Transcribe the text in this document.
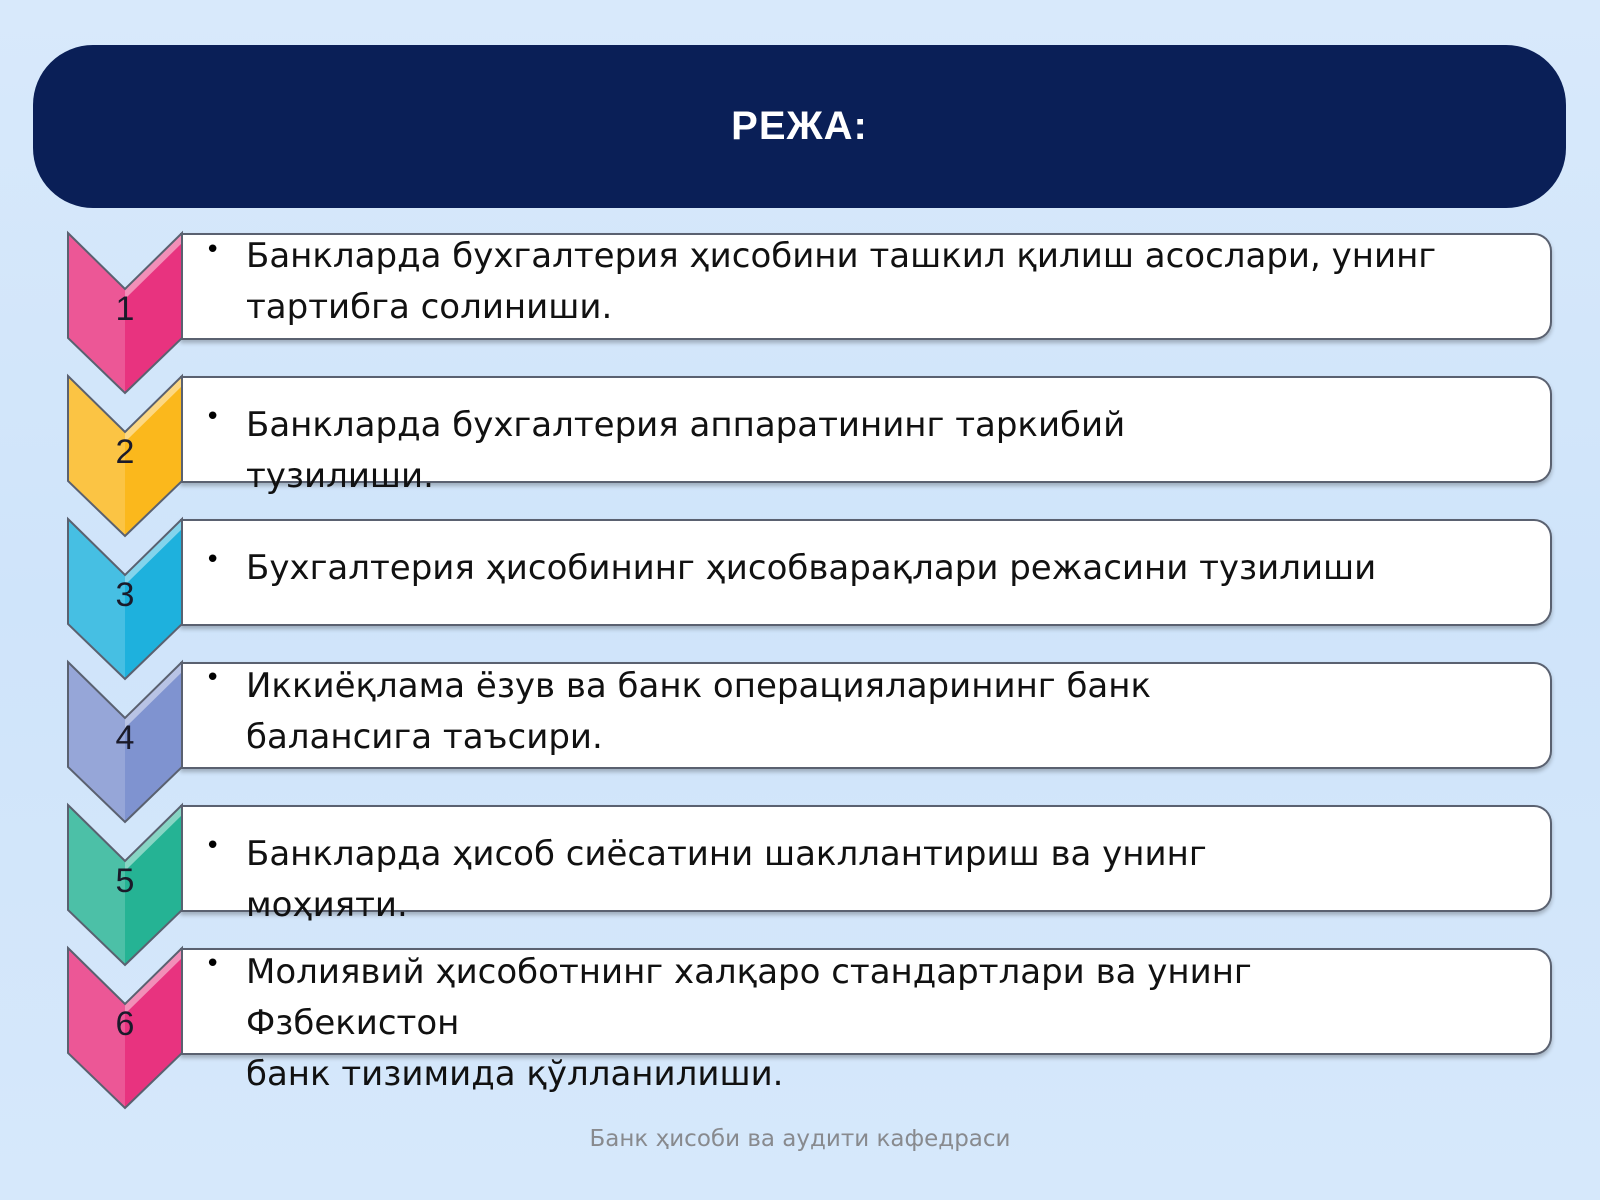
РЕЖА:
1
• Банкларда бухгалтерия ҳисобини ташкил қилиш асослари, унинг
тартибга солиниши.
2
• Банкларда бухгалтерия аппаратининг таркибий
тузилиши.
3
• Бухгалтерия ҳисобининг ҳисобварақлари режасини тузилиши
4
• Иккиёқлама ёзув ва банк операцияларининг банк
балансига таъсири.
5
• Банкларда ҳисоб сиёсатини шакллантириш ва унинг
моҳияти.
6
• Молиявий ҳисоботнинг халқаро стандартлари ва унинг
Фзбекистон
банк тизимида қўлланилиши.
Банк ҳисоби ва аудити кафедраси
